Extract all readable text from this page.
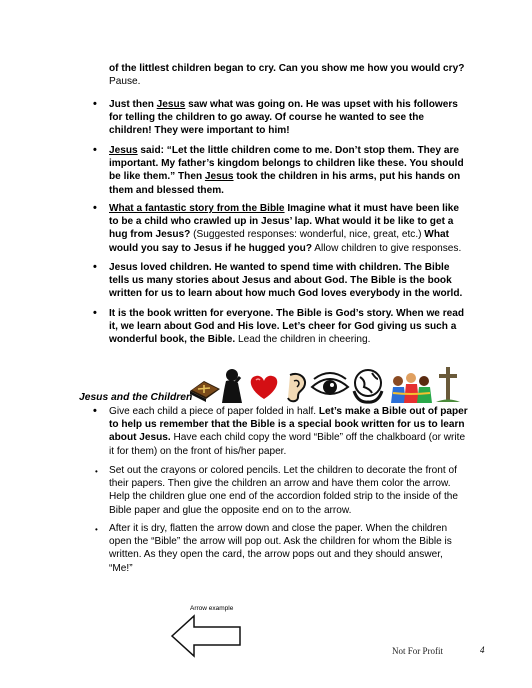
of the littlest children began to cry. Can you show me how you would cry?
Pause.
• Just then Jesus saw what was going on. He was upset with his followers
for telling the children to go away. Of course he wanted to see the
children! They were important to him!
• Jesus said: “Let the little children come to me. Don’t stop them. They are
important. My father’s kingdom belongs to children like these. You should
be like them.” Then Jesus took the children in his arms, put his hands on
them and blessed them.
• What a fantastic story from the Bible Imagine what it must have been like
to be a child who crawled up in Jesus’ lap. What would it be like to get a
hug from Jesus? (Suggested responses: wonderful, nice, great, etc.) What
would you say to Jesus if he hugged you? Allow children to give responses.
• Jesus loved children. He wanted to spend time with children. The Bible
tells us many stories about Jesus and about God. The Bible is the book
written for us to learn about how much God loves everybody in the world.
• It is the book written for everyone. The Bible is God’s story. When we read
it, we learn about God and His love. Let’s cheer for God giving us such a
wonderful book, the Bible. Lead the children in cheering.
Jesus and the Children
• Give each child a piece of paper folded in half. Let’s make a Bible out of paper
to help us remember that the Bible is a special book written for us to learn
about Jesus. Have each child copy the word “Bible” off the chalkboard (or write
it for them) on the front of his/her paper.
• Set out the crayons or colored pencils. Let the children to decorate the front of
their papers. Then give the children an arrow and have them color the arrow.
Help the children glue one end of the accordion folded strip to the inside of the
Bible paper and glue the opposite end on to the arrow.
• After it is dry, flatten the arrow down and close the paper. When the children
open the “Bible” the arrow will pop out. Ask the children for whom the Bible is
written. As they open the card, the arrow pops out and they should answer,
“Me!”
Arrow example
Not For Profit	4
